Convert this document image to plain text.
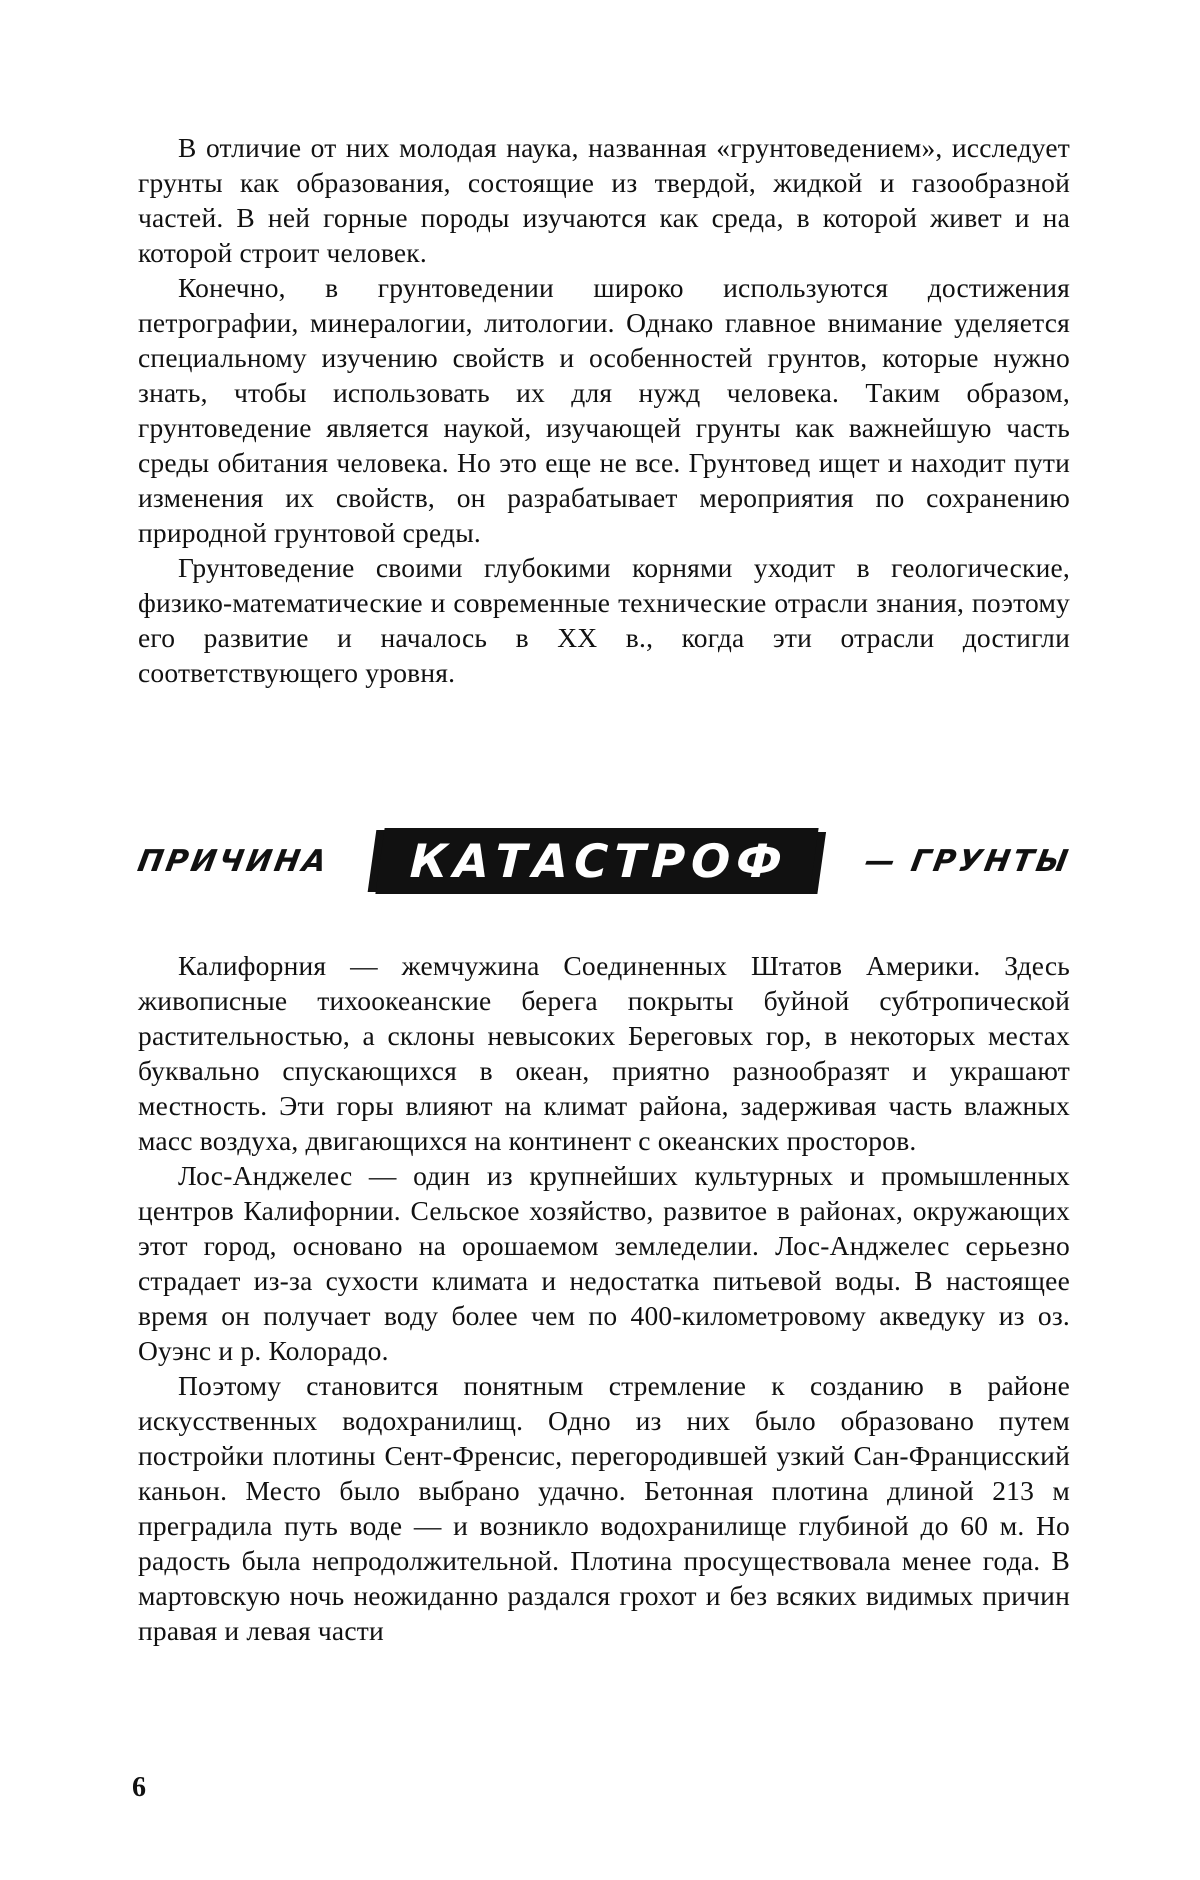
В отличие от них молодая наука, названная «грунтоведением», исследует грунты как образования, состоящие из твердой, жидкой и газообразной частей. В ней горные породы изучаются как среда, в которой живет и на которой строит человек.

Конечно, в грунтоведении широко используются достижения петрографии, минералогии, литологии. Однако главное внимание уделяется специальному изучению свойств и особенностей грунтов, которые нужно знать, чтобы использовать их для нужд человека. Таким образом, грунтоведение является наукой, изучающей грунты как важнейшую часть среды обитания человека. Но это еще не все. Грунтовед ищет и находит пути изменения их свойств, он разрабатывает мероприятия по сохранению природной грунтовой среды.

Грунтоведение своими глубокими корнями уходит в геологические, физико-математические и современные технические отрасли знания, поэтому его развитие и началось в XX в., когда эти отрасли достигли соответствующего уровня.

ПРИЧИНА	КАТАСТРОФ	— ГРУНТЫ

Калифорния — жемчужина Соединенных Штатов Америки. Здесь живописные тихоокеанские берега покрыты буйной субтропической растительностью, а склоны невысоких Береговых гор, в некоторых местах буквально спускающихся в океан, приятно разнообразят и украшают местность. Эти горы влияют на климат района, задерживая часть влажных масс воздуха, двигающихся на континент с океанских просторов.

Лос-Анджелес — один из крупнейших культурных и промышленных центров Калифорнии. Сельское хозяйство, развитое в районах, окружающих этот город, основано на орошаемом земледелии. Лос-Анджелес серьезно страдает из-за сухости климата и недостатка питьевой воды. В настоящее время он получает воду более чем по 400-километровому акведуку из оз. Оуэнс и р. Колорадо.

Поэтому становится понятным стремление к созданию в районе искусственных водохранилищ. Одно из них было образовано путем постройки плотины Сент-Френсис, перегородившей узкий Сан-Францисский каньон. Место было выбрано удачно. Бетонная плотина длиной 213 м преградила путь воде — и возникло водохранилище глубиной до 60 м. Но радость была непродолжительной. Плотина просуществовала менее года. В мартовскую ночь неожиданно раздался грохот и без всяких видимых причин правая и левая части

6
